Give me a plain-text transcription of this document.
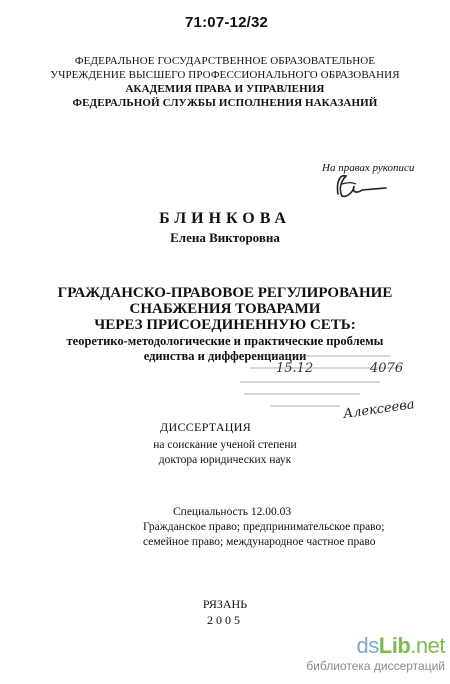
71:07-12/32
ФЕДЕРАЛЬНОЕ ГОСУДАРСТВЕННОЕ ОБРАЗОВАТЕЛЬНОЕ
УЧРЕЖДЕНИЕ ВЫСШЕГО ПРОФЕССИОНАЛЬНОГО ОБРАЗОВАНИЯ
АКАДЕМИЯ ПРАВА И УПРАВЛЕНИЯ
ФЕДЕРАЛЬНОЙ СЛУЖБЫ ИСПОЛНЕНИЯ НАКАЗАНИЙ
На правах рукописи
БЛИНКОВА
Елена Викторовна
ГРАЖДАНСКО-ПРАВОВОЕ РЕГУЛИРОВАНИЕ
СНАБЖЕНИЯ ТОВАРАМИ
ЧЕРЕЗ ПРИСОЕДИНЕННУЮ СЕТЬ:
теоретико-методологические и практические проблемы
единства и дифференциации
15.12	4076
Алексеева
ДИССЕРТАЦИЯ
на соискание ученой степени
доктора юридических наук
Специальность 12.00.03
Гражданское право; предпринимательское право;
семейное право; международное частное право
РЯЗАНЬ
2005
dsLib.net
библиотека диссертаций
